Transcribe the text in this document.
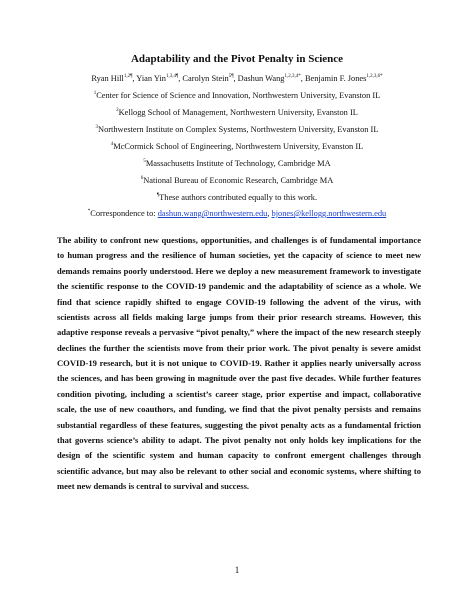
Adaptability and the Pivot Penalty in Science
Ryan Hill$^{1,2\P}$, Yian Yin$^{1,3,4\P}$, Carolyn Stein$^{5\P}$, Dashun Wang$^{1,2,3,4*}$, Benjamin F. Jones$^{1,2,3,6*}$
$^1$Center for Science of Science and Innovation, Northwestern University, Evanston IL
$^2$Kellogg School of Management, Northwestern University, Evanston IL
$^3$Northwestern Institute on Complex Systems, Northwestern University, Evanston IL
$^4$McCormick School of Engineering, Northwestern University, Evanston IL
$^5$Massachusetts Institute of Technology, Cambridge MA
$^6$National Bureau of Economic Research, Cambridge MA
¶These authors contributed equally to this work.
*Correspondence to: dashun.wang@northwestern.edu, bjones@kellogg.northwestern.edu

The ability to confront new questions, opportunities, and challenges is of fundamental importance to human progress and the resilience of human societies, yet the capacity of science to meet new demands remains poorly understood. Here we deploy a new measurement framework to investigate the scientific response to the COVID-19 pandemic and the adaptability of science as a whole. We find that science rapidly shifted to engage COVID-19 following the advent of the virus, with scientists across all fields making large jumps from their prior research streams. However, this adaptive response reveals a pervasive “pivot penalty,” where the impact of the new research steeply declines the further the scientists move from their prior work. The pivot penalty is severe amidst COVID-19 research, but it is not unique to COVID-19. Rather it applies nearly universally across the sciences, and has been growing in magnitude over the past five decades. While further features condition pivoting, including a scientist’s career stage, prior expertise and impact, collaborative scale, the use of new coauthors, and funding, we find that the pivot penalty persists and remains substantial regardless of these features, suggesting the pivot penalty acts as a fundamental friction that governs science’s ability to adapt. The pivot penalty not only holds key implications for the design of the scientific system and human capacity to confront emergent challenges through scientific advance, but may also be relevant to other social and economic systems, where shifting to meet new demands is central to survival and success.

1
